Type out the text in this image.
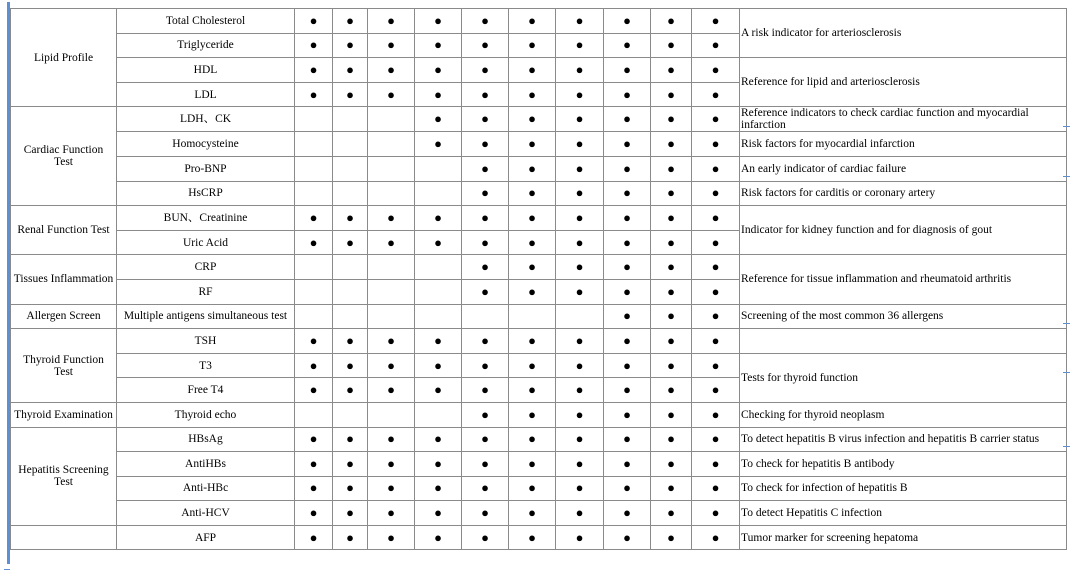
Lipid Profile	Total Cholesterol	●	●	●	●	●	●	●	●	●	●	A risk indicator for arteriosclerosis
	Triglyceride	●	●	●	●	●	●	●	●	●	●	
	HDL	●	●	●	●	●	●	●	●	●	●	Reference for lipid and arteriosclerosis
	LDL	●	●	●	●	●	●	●	●	●	●	
Cardiac Function Test	LDH、CK				●	●	●	●	●	●	●	Reference indicators to check cardiac function and myocardial infarction
	Homocysteine				●	●	●	●	●	●	●	Risk factors for myocardial infarction
	Pro-BNP					●	●	●	●	●	●	An early indicator of cardiac failure
	HsCRP					●	●	●	●	●	●	Risk factors for carditis or coronary artery
Renal Function Test	BUN、Creatinine	●	●	●	●	●	●	●	●	●	●	Indicator for kidney function and for diagnosis of gout
	Uric Acid	●	●	●	●	●	●	●	●	●	●	
Tissues Inflammation	CRP					●	●	●	●	●	●	Reference for tissue inflammation and rheumatoid arthritis
	RF					●	●	●	●	●	●	
Allergen Screen	Multiple antigens simultaneous test								●	●	●	Screening of the most common 36 allergens
Thyroid Function Test	TSH	●	●	●	●	●	●	●	●	●	●	
	T3	●	●	●	●	●	●	●	●	●	●	Tests for thyroid function
	Free T4	●	●	●	●	●	●	●	●	●	●	
Thyroid Examination	Thyroid echo					●	●	●	●	●	●	Checking for thyroid neoplasm
Hepatitis Screening Test	HBsAg	●	●	●	●	●	●	●	●	●	●	To detect hepatitis B virus infection and hepatitis B carrier status
	AntiHBs	●	●	●	●	●	●	●	●	●	●	To check for hepatitis B antibody
	Anti-HBc	●	●	●	●	●	●	●	●	●	●	To check for infection of hepatitis B
	Anti-HCV	●	●	●	●	●	●	●	●	●	●	To detect Hepatitis C infection
	AFP	●	●	●	●	●	●	●	●	●	●	Tumor marker for screening hepatoma
